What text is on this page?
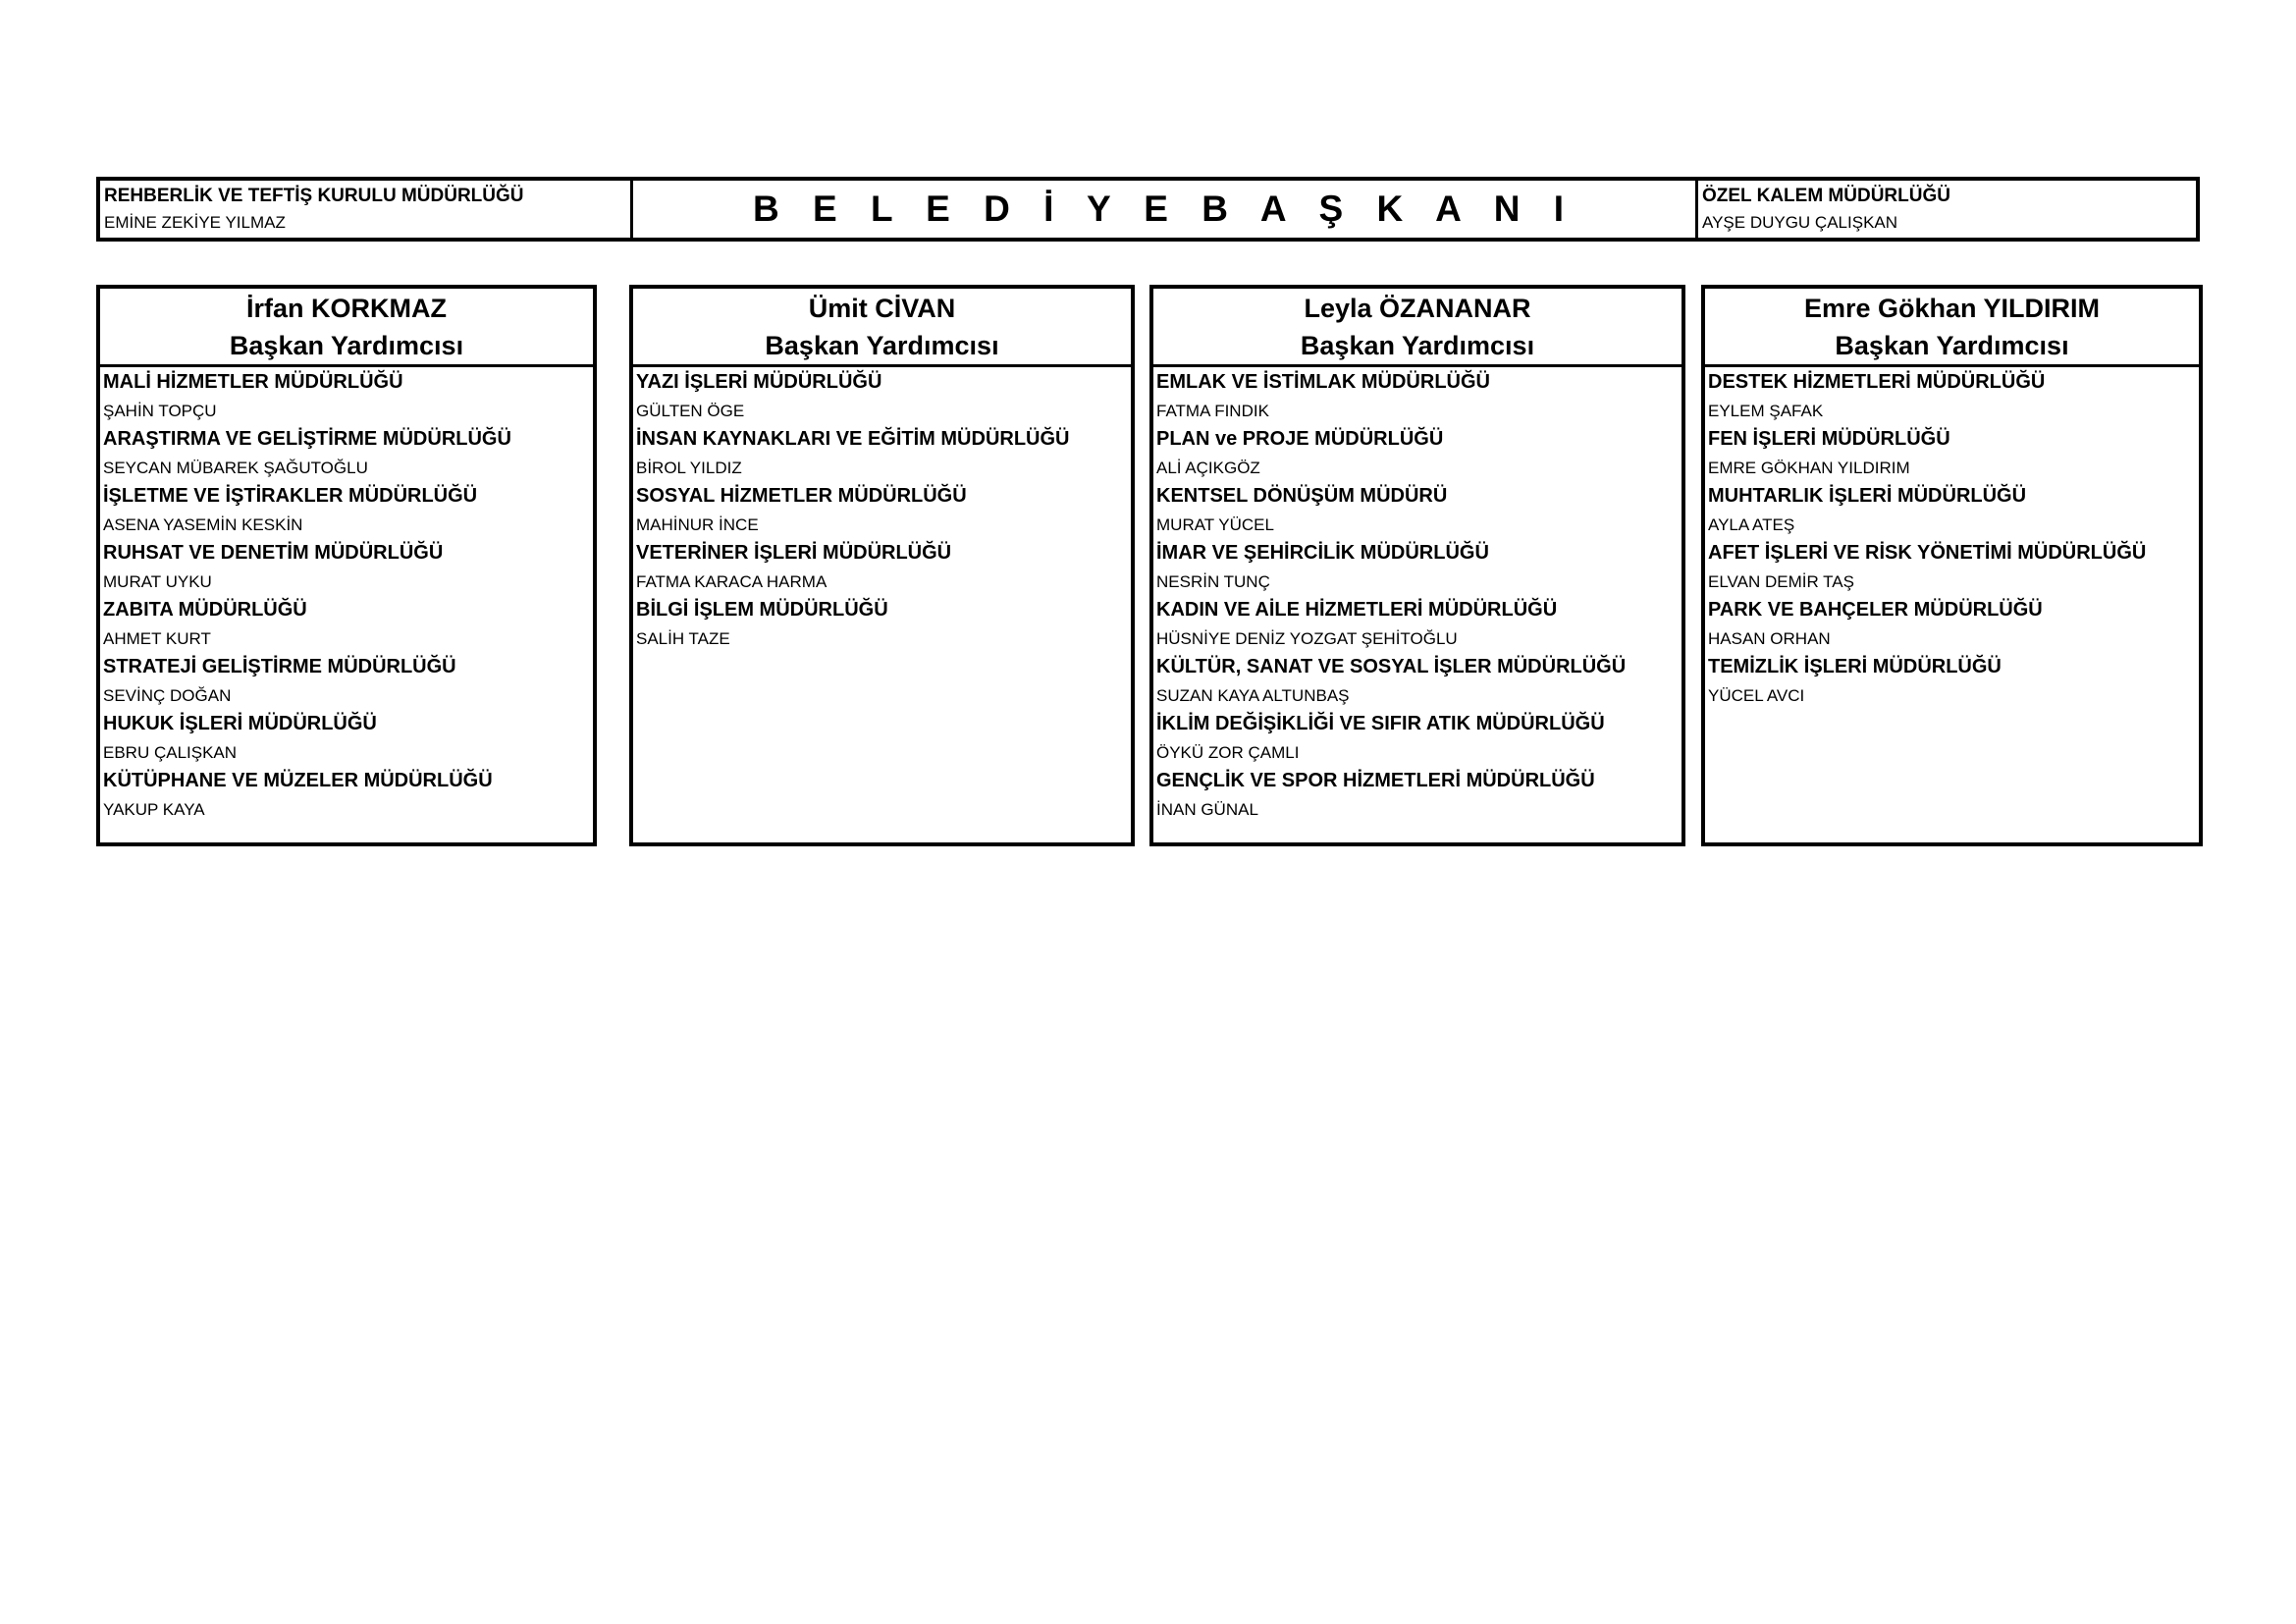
REHBERLİK VE TEFTİŞ KURULU MÜDÜRLÜĞÜ
EMİNE ZEKİYE YILMAZ	B E L E D İ Y E B A Ş K A N I	ÖZEL KALEM MÜDÜRLÜĞÜ
AYŞE DUYGU ÇALIŞKAN
İrfan KORKMAZ
Başkan Yardımcısı
MALİ HİZMETLER MÜDÜRLÜĞÜ
ŞAHİN TOPÇU
ARAŞTIRMA VE GELİŞTİRME MÜDÜRLÜĞÜ
SEYCAN MÜBAREK ŞAĞUTOĞLU
İŞLETME VE İŞTİRAKLER MÜDÜRLÜĞÜ
ASENA YASEMİN KESKİN
RUHSAT VE DENETİM MÜDÜRLÜĞÜ
MURAT UYKU
ZABITA MÜDÜRLÜĞÜ
AHMET KURT
STRATEJİ GELİŞTİRME MÜDÜRLÜĞÜ
SEVİNÇ DOĞAN
HUKUK İŞLERİ MÜDÜRLÜĞÜ
EBRU ÇALIŞKAN
KÜTÜPHANE VE MÜZELER MÜDÜRLÜĞÜ
YAKUP KAYA
Ümit CİVAN
Başkan Yardımcısı
YAZI İŞLERİ MÜDÜRLÜĞÜ
GÜLTEN ÖGE
İNSAN KAYNAKLARI VE EĞİTİM MÜDÜRLÜĞÜ
BİROL YILDIZ
SOSYAL HİZMETLER MÜDÜRLÜĞÜ
MAHİNUR İNCE
VETERİNER İŞLERİ MÜDÜRLÜĞÜ
FATMA KARACA HARMA
BİLGİ İŞLEM MÜDÜRLÜĞÜ
SALİH TAZE
Leyla ÖZANANAR
Başkan Yardımcısı
EMLAK VE İSTİMLAK MÜDÜRLÜĞÜ
FATMA FINDIK
PLAN ve PROJE MÜDÜRLÜĞÜ
ALİ AÇIKGÖZ
KENTSEL DÖNÜŞÜM MÜDÜRÜ
MURAT YÜCEL
İMAR VE ŞEHİRCİLİK MÜDÜRLÜĞÜ
NESRİN TUNÇ
KADIN VE AİLE HİZMETLERİ MÜDÜRLÜĞÜ
HÜSNİYE DENİZ YOZGAT ŞEHİTOĞLU
KÜLTÜR, SANAT VE SOSYAL İŞLER MÜDÜRLÜĞÜ
SUZAN KAYA ALTUNBAŞ
İKLİM DEĞİŞİKLİĞİ VE SIFIR ATIK MÜDÜRLÜĞÜ
ÖYKÜ ZOR ÇAMLI
GENÇLİK VE SPOR HİZMETLERİ MÜDÜRLÜĞÜ
İNAN GÜNAL
Emre Gökhan YILDIRIM
Başkan Yardımcısı
DESTEK HİZMETLERİ MÜDÜRLÜĞÜ
EYLEM ŞAFAK
FEN İŞLERİ MÜDÜRLÜĞÜ
EMRE GÖKHAN YILDIRIM
MUHTARLIK İŞLERİ MÜDÜRLÜĞÜ
AYLA ATEŞ
AFET İŞLERİ VE RİSK YÖNETİMİ MÜDÜRLÜĞÜ
ELVAN DEMİR TAŞ
PARK VE BAHÇELER MÜDÜRLÜĞÜ
HASAN ORHAN
TEMİZLİK İŞLERİ MÜDÜRLÜĞÜ
YÜCEL AVCI
